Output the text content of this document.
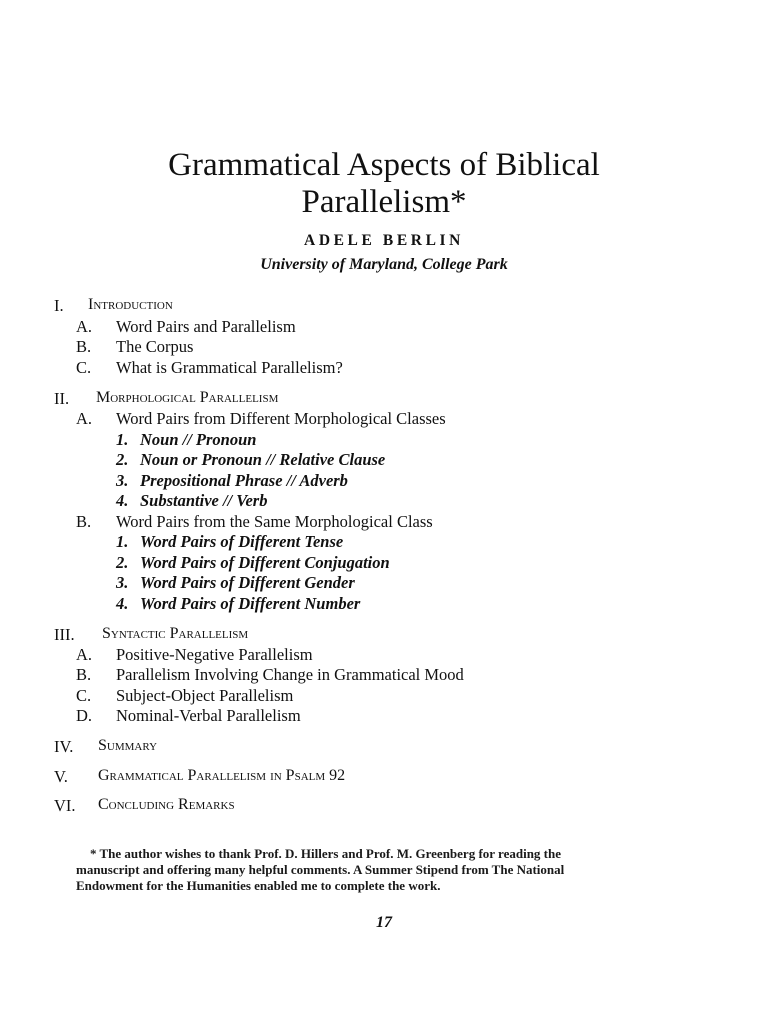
Grammatical Aspects of Biblical
Parallelism*
ADELE BERLIN
University of Maryland, College Park
I. Introduction
A. Word Pairs and Parallelism
B. The Corpus
C. What is Grammatical Parallelism?
II. Morphological Parallelism
A. Word Pairs from Different Morphological Classes
1. Noun // Pronoun
2. Noun or Pronoun // Relative Clause
3. Prepositional Phrase // Adverb
4. Substantive // Verb
B. Word Pairs from the Same Morphological Class
1. Word Pairs of Different Tense
2. Word Pairs of Different Conjugation
3. Word Pairs of Different Gender
4. Word Pairs of Different Number
III. Syntactic Parallelism
A. Positive-Negative Parallelism
B. Parallelism Involving Change in Grammatical Mood
C. Subject-Object Parallelism
D. Nominal-Verbal Parallelism
IV. Summary
V. Grammatical Parallelism in Psalm 92
VI. Concluding Remarks
* The author wishes to thank Prof. D. Hillers and Prof. M. Greenberg for reading the
manuscript and offering many helpful comments. A Summer Stipend from The National
Endowment for the Humanities enabled me to complete the work.
17
